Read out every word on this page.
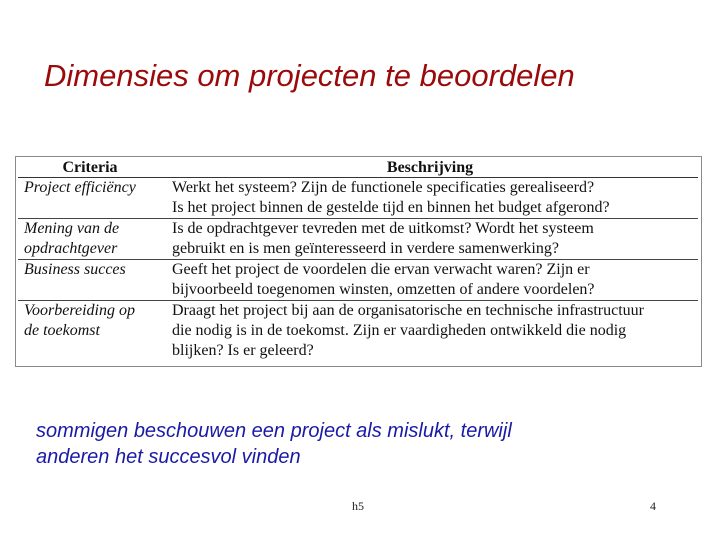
Dimensies om projecten te beoordelen
Criteria	Beschrijving

Project efficiëncy	Werkt het systeem? Zijn de functionele specificaties gerealiseerd?
Is het project binnen de gestelde tijd en binnen het budget afgerond?

Mening van de
opdrachtgever	Is de opdrachtgever tevreden met de uitkomst? Wordt het systeem
gebruikt en is men geïnteresseerd in verdere samenwerking?

Business succes	Geeft het project de voordelen die ervan verwacht waren? Zijn er
bijvoorbeeld toegenomen winsten, omzetten of andere voordelen?

Voorbereiding op
de toekomst	Draagt het project bij aan de organisatorische en technische infrastructuur
die nodig is in de toekomst. Zijn er vaardigheden ontwikkeld die nodig
blijken? Is er geleerd?
sommigen beschouwen een project als mislukt, terwijl
anderen het succesvol vinden
h5	4
